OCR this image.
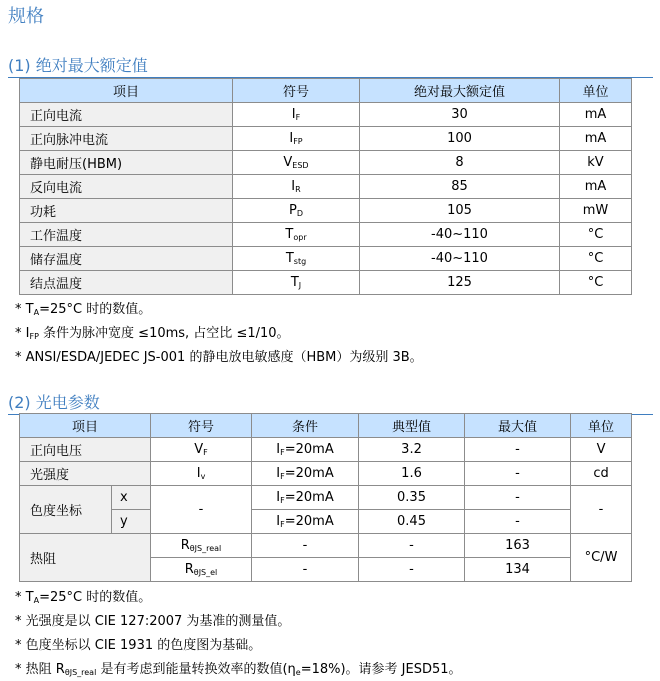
规格
(1) 绝对最大额定值
项目	符号	绝对最大额定值	单位
正向电流	$I_F$	30	mA
正向脉冲电流	$I_{FP}$	100	mA
静电耐压(HBM)	$V_{ESD}$	8	kV
反向电流	$I_R$	85	mA
功耗	$P_D$	105	mW
工作温度	$T_{opr}$	-40~110	°C
储存温度	$T_{stg}$	-40~110	°C
结点温度	$T_J$	125	°C
* $T_A=25^\circ C$ 时的数值。
* $I_{FP}$ 条件为脉冲宽度 ≤10ms, 占空比 ≤1/10。
* ANSI/ESDA/JEDEC JS-001 的静电放电敏感度（HBM）为级别 3B。
(2) 光电参数
项目		符号	条件	典型值	最大值	单位
正向电压		$V_F$	$I_F=20mA$	3.2	-	V
光强度		$I_v$	$I_F=20mA$	1.6	-	cd
色度坐标	x	-	$I_F=20mA$	0.35	-	-
	y		$I_F=20mA$	0.45	-	
热阻		$R_{\theta JS\_real}$	-	-	163	°C/W
		$R_{\theta JS\_el}$	-	-	134	
* $T_A=25^\circ C$ 时的数值。
* 光强度是以 CIE 127:2007 为基准的测量值。
* 色度坐标以 CIE 1931 的色度图为基础。
* 热阻 $R_{\theta JS\_real}$ 是有考虑到能量转换效率的数值$(\eta_e=18\%)$。请参考 JESD51。
